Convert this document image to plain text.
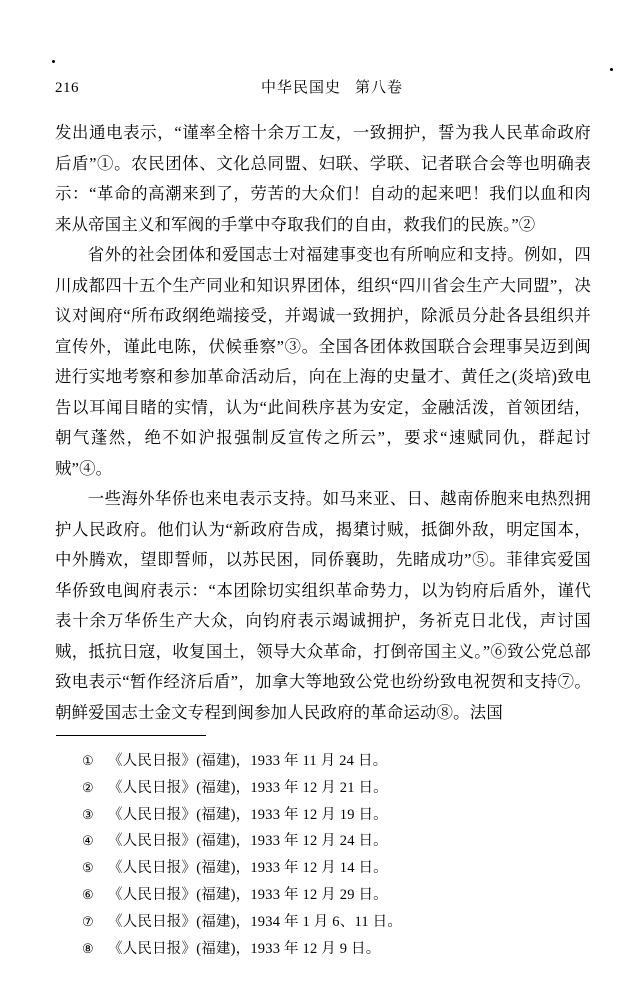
216	中华民国史 第八卷

发出通电表示，“谨率全榕十余万工友，一致拥护，誓为我人民革命政府后盾”①。农民团体、文化总同盟、妇联、学联、记者联合会等也明确表示：“革命的高潮来到了，劳苦的大众们！自动的起来吧！我们以血和肉来从帝国主义和军阀的手掌中夺取我们的自由，救我们的民族。”②

省外的社会团体和爱国志士对福建事变也有所响应和支持。例如，四川成都四十五个生产同业和知识界团体，组织“四川省会生产大同盟”，决议对闽府“所布政纲绝端接受，并竭诚一致拥护，除派员分赴各县组织并宣传外，谨此电陈，伏候垂察”③。全国各团体救国联合会理事吴迈到闽进行实地考察和参加革命活动后，向在上海的史量才、黄任之(炎培)致电告以耳闻目睹的实情，认为“此间秩序甚为安定，金融活泼，首领团结，朝气蓬然，绝不如沪报强制反宣传之所云”，要求“速赋同仇，群起讨贼”④。

一些海外华侨也来电表示支持。如马来亚、日、越南侨胞来电热烈拥护人民政府。他们认为“新政府告成，揭橥讨贼，抵御外敌，明定国本，中外腾欢，望即誓师，以苏民困，同侨襄助，先睹成功”⑤。菲律宾爱国华侨致电闽府表示：“本团除切实组织革命势力，以为钧府后盾外，谨代表十余万华侨生产大众，向钧府表示竭诚拥护，务祈克日北伐，声讨国贼，抵抗日寇，收复国土，领导大众革命，打倒帝国主义。”⑥致公党总部致电表示“暂作经济后盾”，加拿大等地致公党也纷纷致电祝贺和支持⑦。朝鲜爱国志士金文专程到闽参加人民政府的革命运动⑧。法国

① 《人民日报》(福建)，1933 年 11 月 24 日。
② 《人民日报》(福建)，1933 年 12 月 21 日。
③ 《人民日报》(福建)，1933 年 12 月 19 日。
④ 《人民日报》(福建)，1933 年 12 月 24 日。
⑤ 《人民日报》(福建)，1933 年 12 月 14 日。
⑥ 《人民日报》(福建)，1933 年 12 月 29 日。
⑦ 《人民日报》(福建)，1934 年 1 月 6、11 日。
⑧ 《人民日报》(福建)，1933 年 12 月 9 日。
